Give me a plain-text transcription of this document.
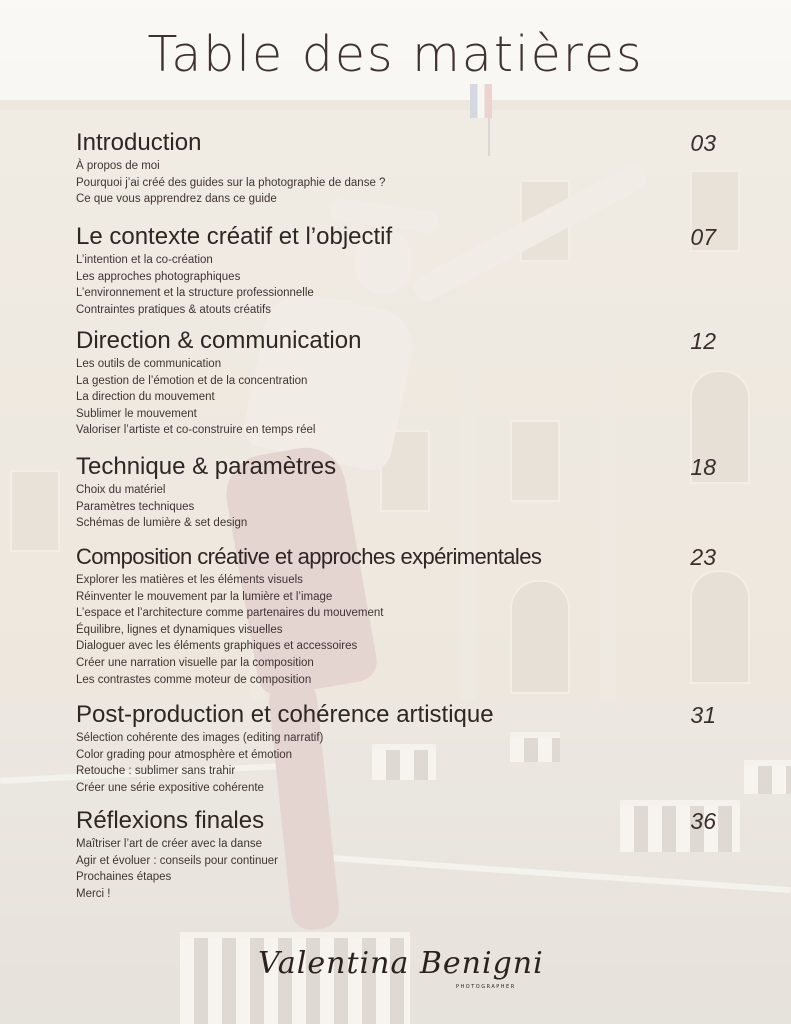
Table des matières
Introduction	03
À propos de moi
Pourquoi j’ai créé des guides sur la photographie de danse ?
Ce que vous apprendrez dans ce guide
Le contexte créatif et l’objectif	07
L’intention et la co-création
Les approches photographiques
L’environnement et la structure professionnelle
Contraintes pratiques & atouts créatifs
Direction & communication	12
Les outils de communication
La gestion de l’émotion et de la concentration
La direction du mouvement
Sublimer le mouvement
Valoriser l’artiste et co-construire en temps réel
Technique & paramètres	18
Choix du matériel
Paramètres techniques
Schémas de lumière & set design
Composition créative et approches expérimentales	23
Explorer les matières et les éléments visuels
Réinventer le mouvement par la lumière et l’image
L’espace et l’architecture comme partenaires du mouvement
Équilibre, lignes et dynamiques visuelles
Dialoguer avec les éléments graphiques et accessoires
Créer une narration visuelle par la composition
Les contrastes comme moteur de composition
Post-production et cohérence artistique	31
Sélection cohérente des images (editing narratif)
Color grading pour atmosphère et émotion
Retouche : sublimer sans trahir
Créer une série expositive cohérente
Réflexions finales	36
Maîtriser l’art de créer avec la danse
Agir et évoluer : conseils pour continuer
Prochaines étapes
Merci !
Valentina Benigni
PHOTOGRAPHER
